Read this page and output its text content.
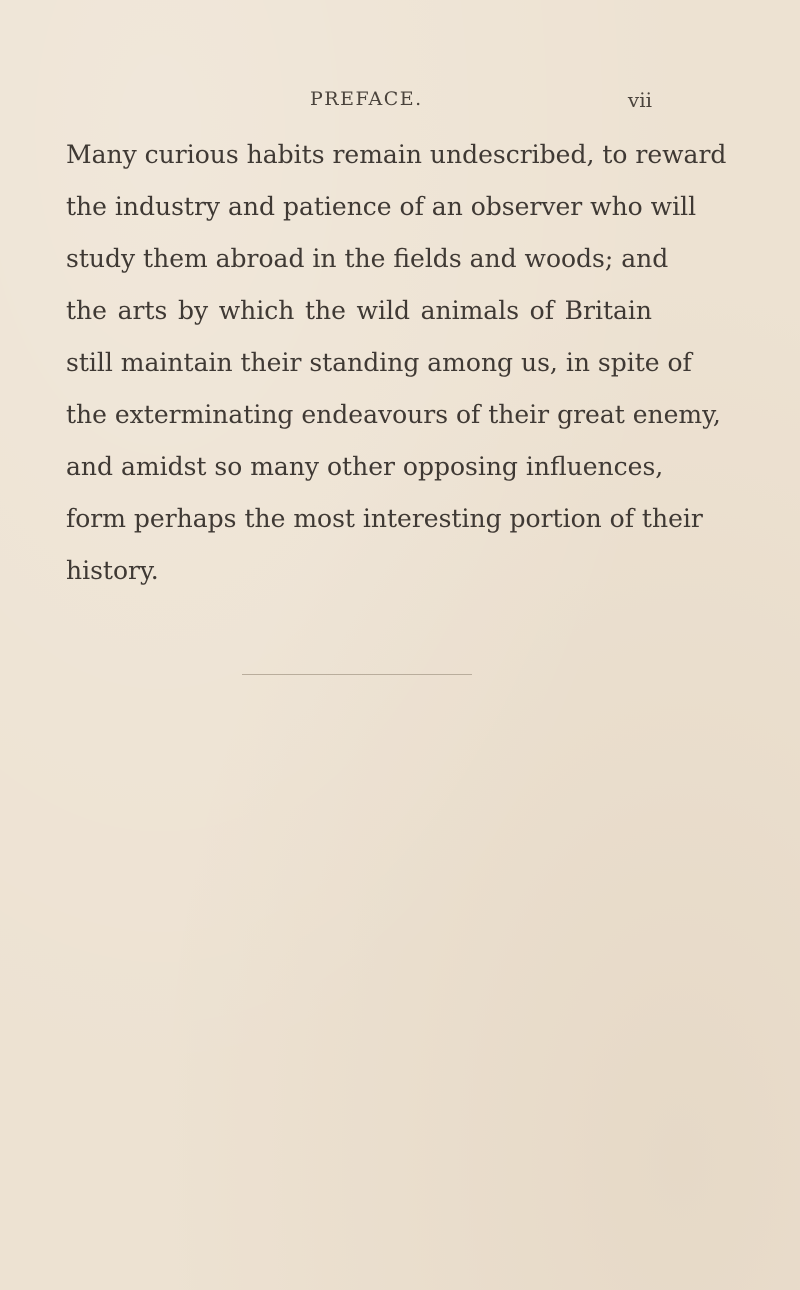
PREFACE.	vii
Many curious habits remain undescribed, to reward
the industry and patience of an observer who will
study them abroad in the fields and woods; and
the arts by which the wild animals of Britain
still maintain their standing among us, in spite of
the exterminating endeavours of their great enemy,
and amidst so many other opposing influences,
form perhaps the most interesting portion of their
history.
